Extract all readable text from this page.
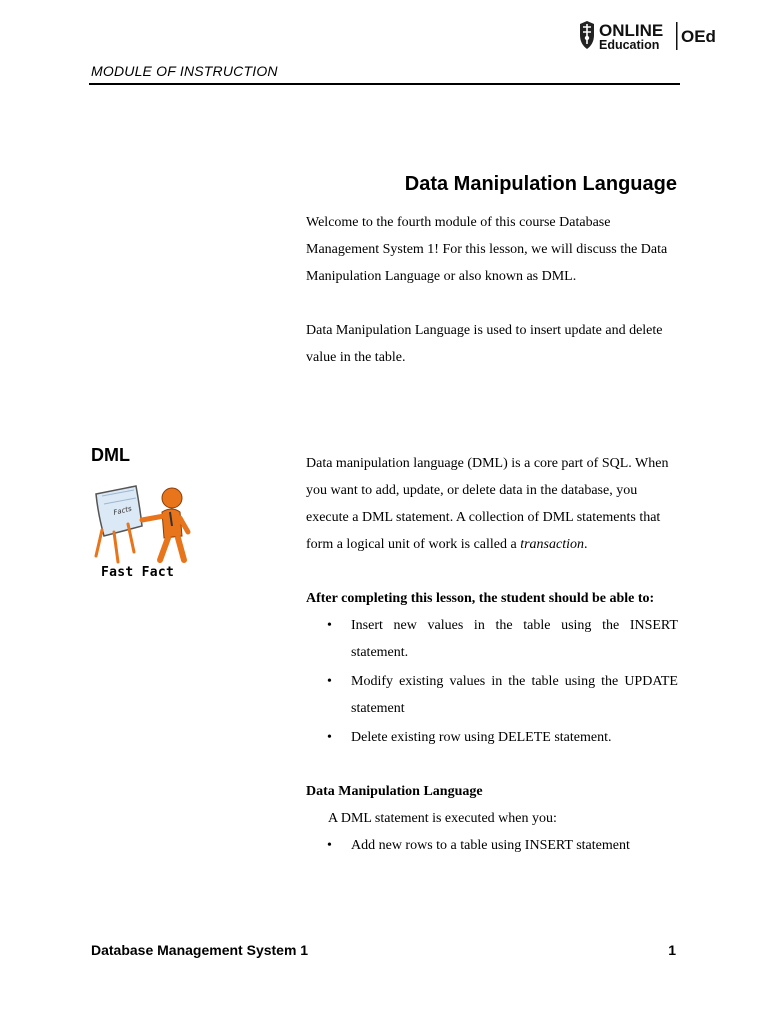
ONLINE
Education OEd
MODULE OF INSTRUCTION
Data Manipulation Language

Welcome to the fourth module of this course Database Management System 1! For this lesson, we will discuss the Data Manipulation Language or also known as DML.

Data Manipulation Language is used to insert update and delete value in the table.

DML
Facts
Fast Fact

Data manipulation language (DML) is a core part of SQL. When you want to add, update, or delete data in the database, you execute a DML statement. A collection of DML statements that form a logical unit of work is called a transaction.

After completing this lesson, the student should be able to:

• Insert new values in the table using the INSERT statement.
• Modify existing values in the table using the UPDATE statement
• Delete existing row using DELETE statement.

Data Manipulation Language

A DML statement is executed when you:

• Add new rows to a table using INSERT statement
Database Management System 1	1
